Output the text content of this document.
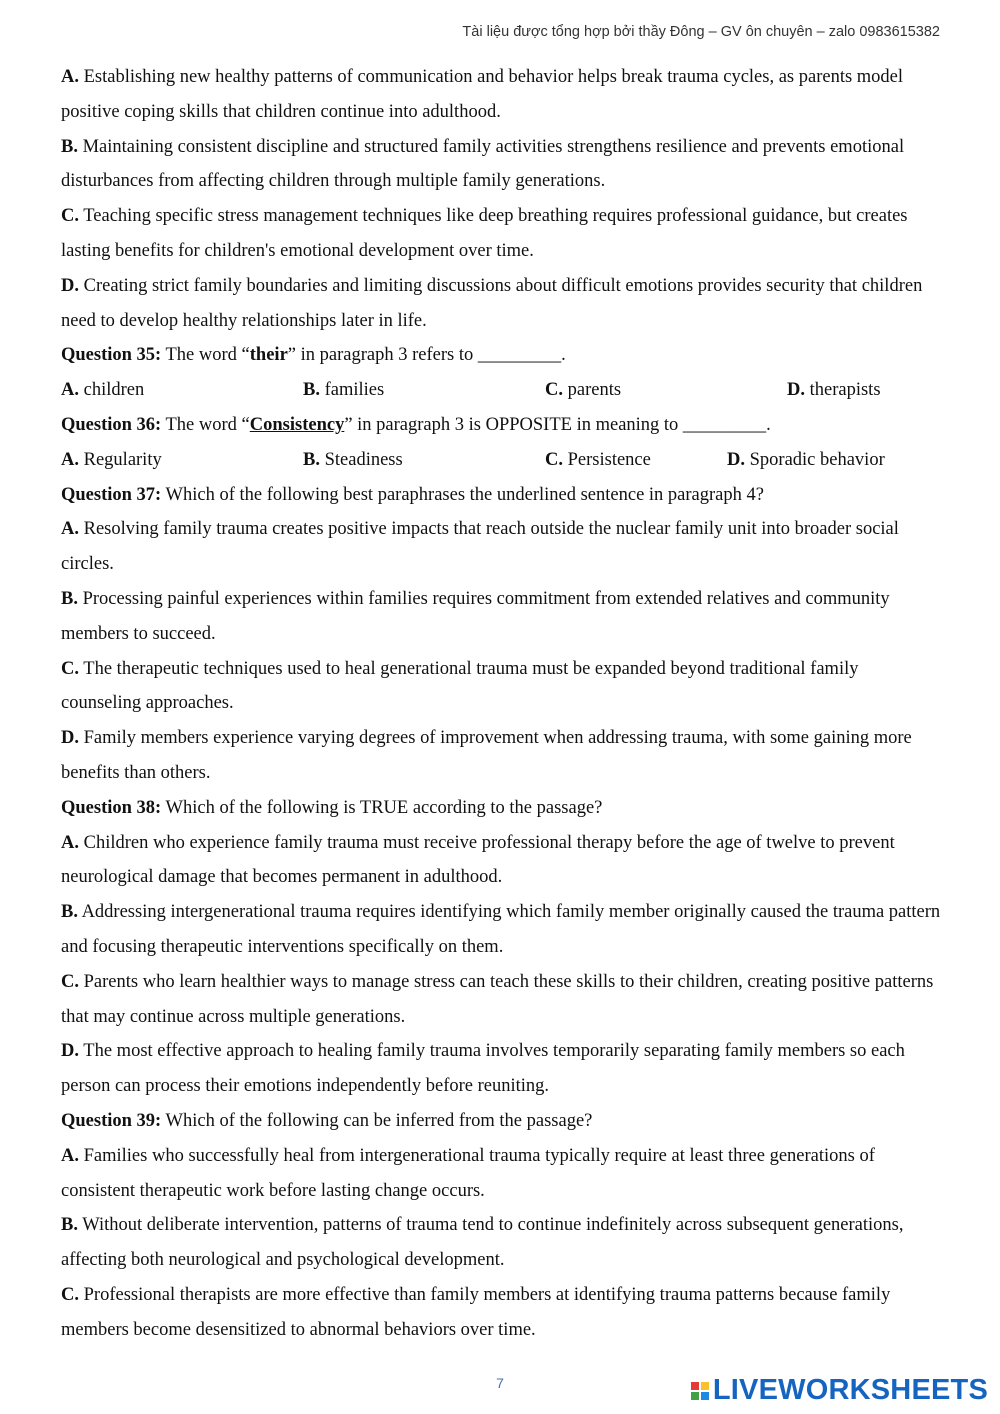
Tài liệu được tổng hợp bởi thầy Đông – GV ôn chuyên – zalo 0983615382

A. Establishing new healthy patterns of communication and behavior helps break trauma cycles, as parents model positive coping skills that children continue into adulthood.

B. Maintaining consistent discipline and structured family activities strengthens resilience and prevents emotional disturbances from affecting children through multiple family generations.

C. Teaching specific stress management techniques like deep breathing requires professional guidance, but creates lasting benefits for children's emotional development over time.

D. Creating strict family boundaries and limiting discussions about difficult emotions provides security that children need to develop healthy relationships later in life.

Question 35: The word “their” in paragraph 3 refers to _________.

A. children	B. families	C. parents	D. therapists

Question 36: The word “Consistency” in paragraph 3 is OPPOSITE in meaning to _________.

A. Regularity	B. Steadiness	C. Persistence	D. Sporadic behavior

Question 37: Which of the following best paraphrases the underlined sentence in paragraph 4?

A. Resolving family trauma creates positive impacts that reach outside the nuclear family unit into broader social circles.

B. Processing painful experiences within families requires commitment from extended relatives and community members to succeed.

C. The therapeutic techniques used to heal generational trauma must be expanded beyond traditional family counseling approaches.

D. Family members experience varying degrees of improvement when addressing trauma, with some gaining more benefits than others.

Question 38: Which of the following is TRUE according to the passage?

A. Children who experience family trauma must receive professional therapy before the age of twelve to prevent neurological damage that becomes permanent in adulthood.

B. Addressing intergenerational trauma requires identifying which family member originally caused the trauma pattern and focusing therapeutic interventions specifically on them.

C. Parents who learn healthier ways to manage stress can teach these skills to their children, creating positive patterns that may continue across multiple generations.

D. The most effective approach to healing family trauma involves temporarily separating family members so each person can process their emotions independently before reuniting.

Question 39: Which of the following can be inferred from the passage?

A. Families who successfully heal from intergenerational trauma typically require at least three generations of consistent therapeutic work before lasting change occurs.

B. Without deliberate intervention, patterns of trauma tend to continue indefinitely across subsequent generations, affecting both neurological and psychological development.

C. Professional therapists are more effective than family members at identifying trauma patterns because family members become desensitized to abnormal behaviors over time.

7	LIVEWORKSHEETS
